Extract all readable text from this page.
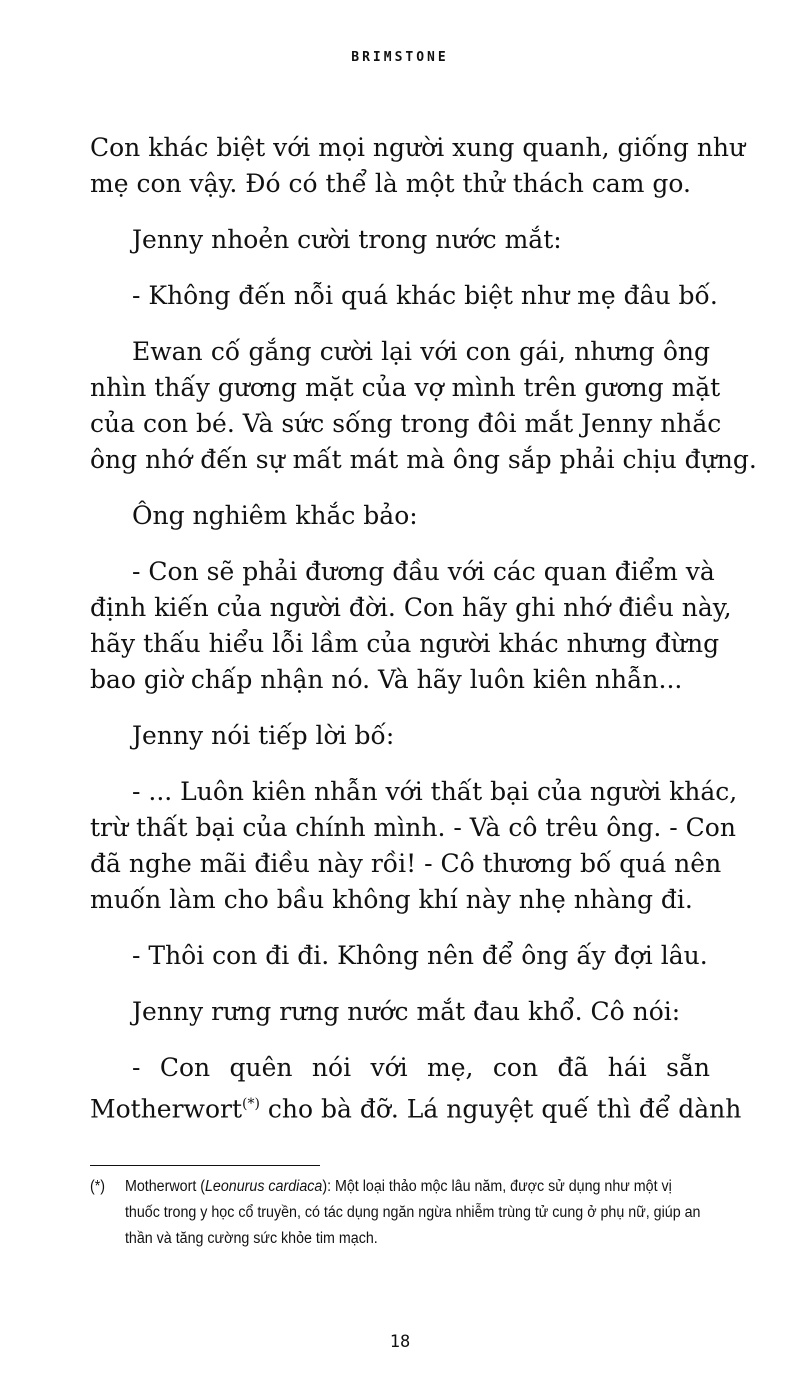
BRIMSTONE
Con khác biệt với mọi người xung quanh, giống như
mẹ con vậy. Đó có thể là một thử thách cam go.
Jenny nhoẻn cười trong nước mắt:
- Không đến nỗi quá khác biệt như mẹ đâu bố.
Ewan cố gắng cười lại với con gái, nhưng ông
nhìn thấy gương mặt của vợ mình trên gương mặt
của con bé. Và sức sống trong đôi mắt Jenny nhắc
ông nhớ đến sự mất mát mà ông sắp phải chịu đựng.
Ông nghiêm khắc bảo:
- Con sẽ phải đương đầu với các quan điểm và
định kiến của người đời. Con hãy ghi nhớ điều này,
hãy thấu hiểu lỗi lầm của người khác nhưng đừng
bao giờ chấp nhận nó. Và hãy luôn kiên nhẫn...
Jenny nói tiếp lời bố:
- ... Luôn kiên nhẫn với thất bại của người khác,
trừ thất bại của chính mình. - Và cô trêu ông. - Con
đã nghe mãi điều này rồi! - Cô thương bố quá nên
muốn làm cho bầu không khí này nhẹ nhàng đi.
- Thôi con đi đi. Không nên để ông ấy đợi lâu.
Jenny rưng rưng nước mắt đau khổ. Cô nói:
- Con quên nói với mẹ, con đã hái sẵn
Motherwort(*) cho bà đỡ. Lá nguyệt quế thì để dành
(*) Motherwort (Leonurus cardiaca): Một loại thảo mộc lâu năm, được sử dụng như một vị thuốc trong y học cổ truyền, có tác dụng ngăn ngừa nhiễm trùng tử cung ở phụ nữ, giúp an thần và tăng cường sức khỏe tim mạch.
18
